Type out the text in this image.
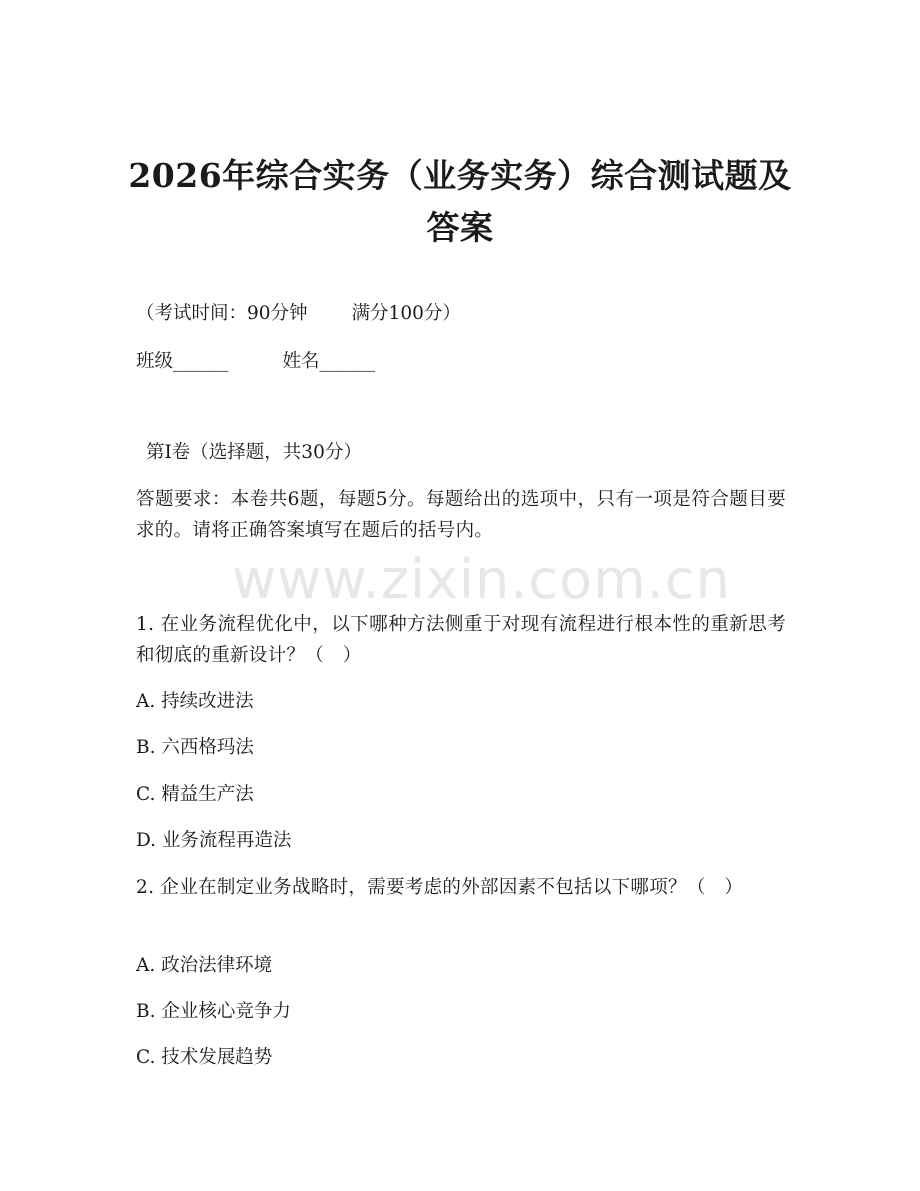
2026年综合实务（业务实务）综合测试题及答案

（考试时间：90分钟 满分100分）

班级______	姓名______

第Ⅰ卷（选择题，共30分）

答题要求：本卷共6题，每题5分。每题给出的选项中，只有一项是符合题目要求的。请将正确答案填写在题后的括号内。

www.zixin.com.cn

1. 在业务流程优化中，以下哪种方法侧重于对现有流程进行根本性的重新思考和彻底的重新设计？（　）

A. 持续改进法

B. 六西格玛法

C. 精益生产法

D. 业务流程再造法

2. 企业在制定业务战略时，需要考虑的外部因素不包括以下哪项？（　）

A. 政治法律环境

B. 企业核心竞争力

C. 技术发展趋势
